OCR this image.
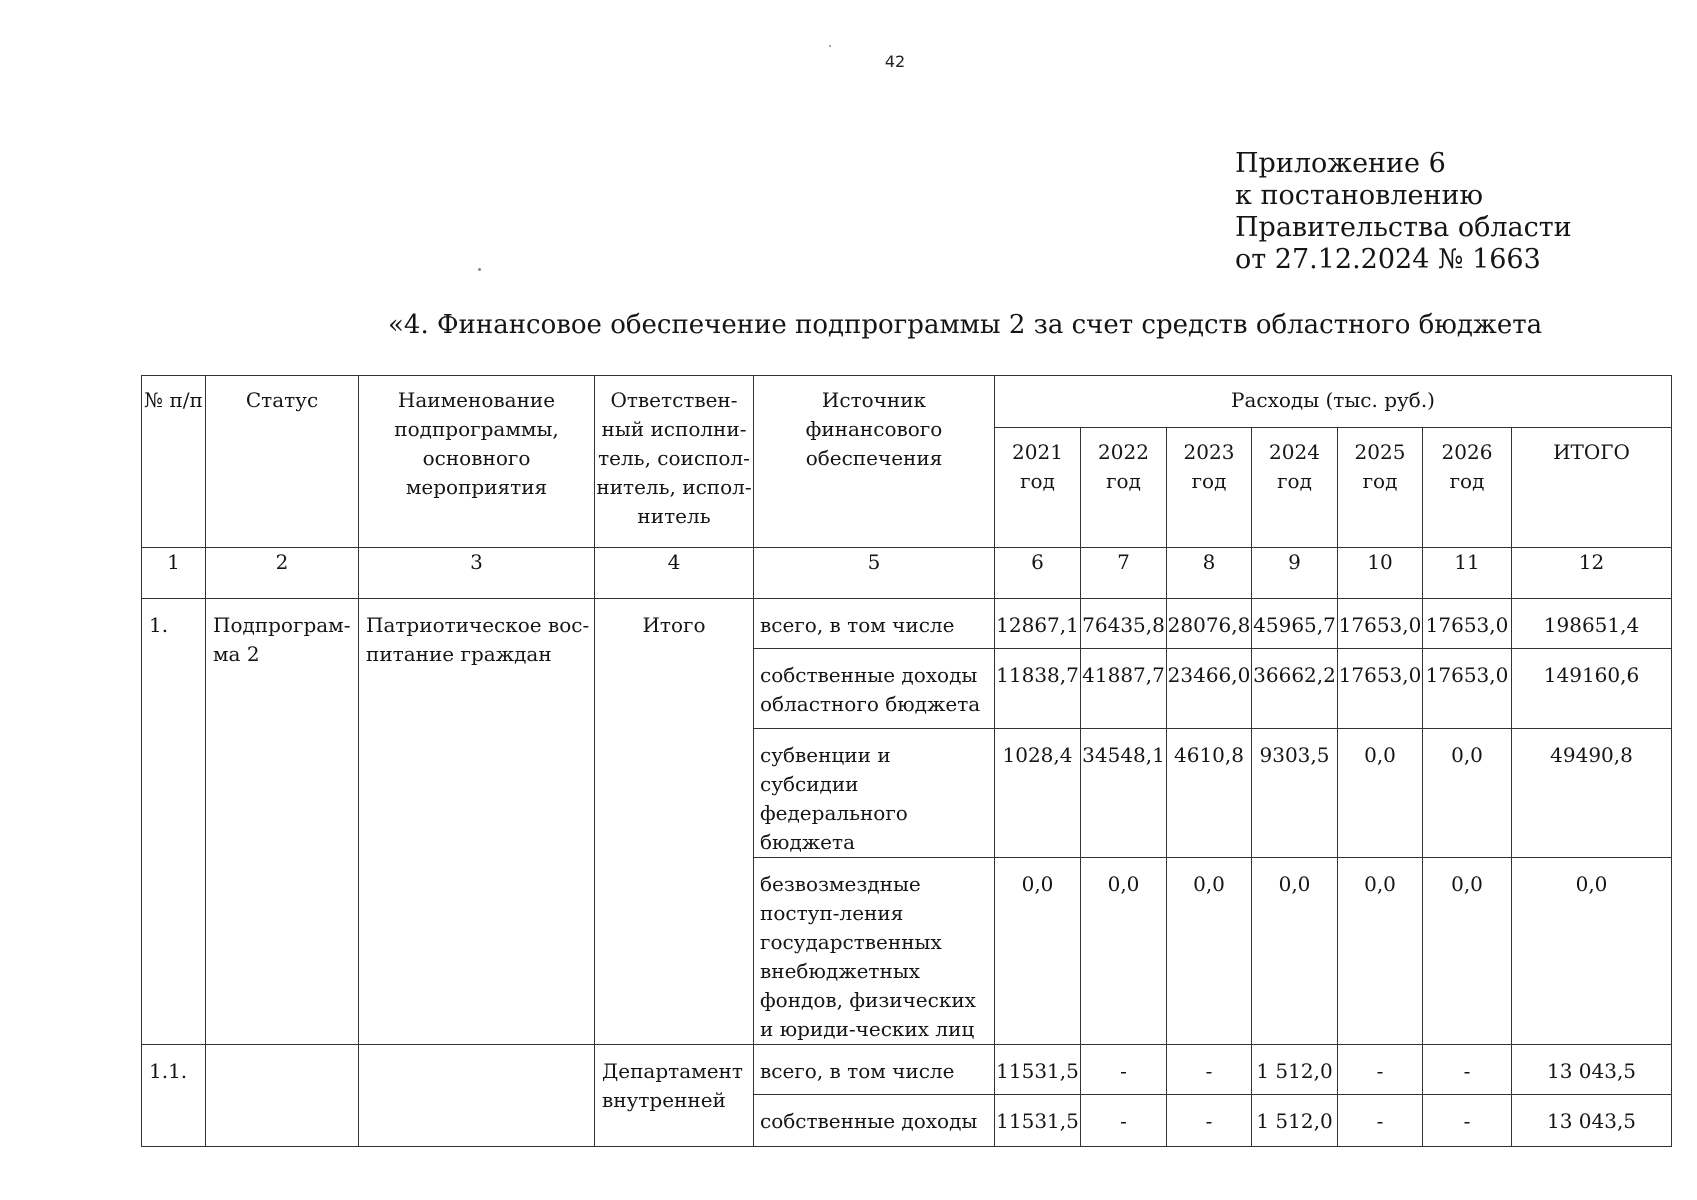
42
Приложение 6
к постановлению
Правительства области
от 27.12.2024 № 1663
«4. Финансовое обеспечение подпрограммы 2 за счет средств областного бюджета
№ п/п	Статус	Наименование подпрограммы, основного мероприятия	Ответствен-ный исполни-тель, соиспол-нитель, испол-нитель	Источник финансового обеспечения	Расходы (тыс. руб.)						
					2021 год	2022 год	2023 год	2024 год	2025 год	2026 год	ИТОГО
1	2	3	4	5	6	7	8	9	10	11	12
1.	Подпрограм-ма 2	Патриотическое вос-питание граждан	Итого	всего, в том числе	12867,1	76435,8	28076,8	45965,7	17653,0	17653,0	198651,4
				собственные доходы областного бюджета	11838,7	41887,7	23466,0	36662,2	17653,0	17653,0	149160,6
				субвенции и субсидии федерального бюджета	1028,4	34548,1	4610,8	9303,5	0,0	0,0	49490,8
				безвозмездные поступ-ления государственных внебюджетных фондов, физических и юриди-ческих лиц	0,0	0,0	0,0	0,0	0,0	0,0	0,0
1.1.			Департамент внутренней	всего, в том числе	11531,5	-	-	1 512,0	-	-	13 043,5
				собственные доходы	11531,5	-	-	1 512,0	-	-	13 043,5
